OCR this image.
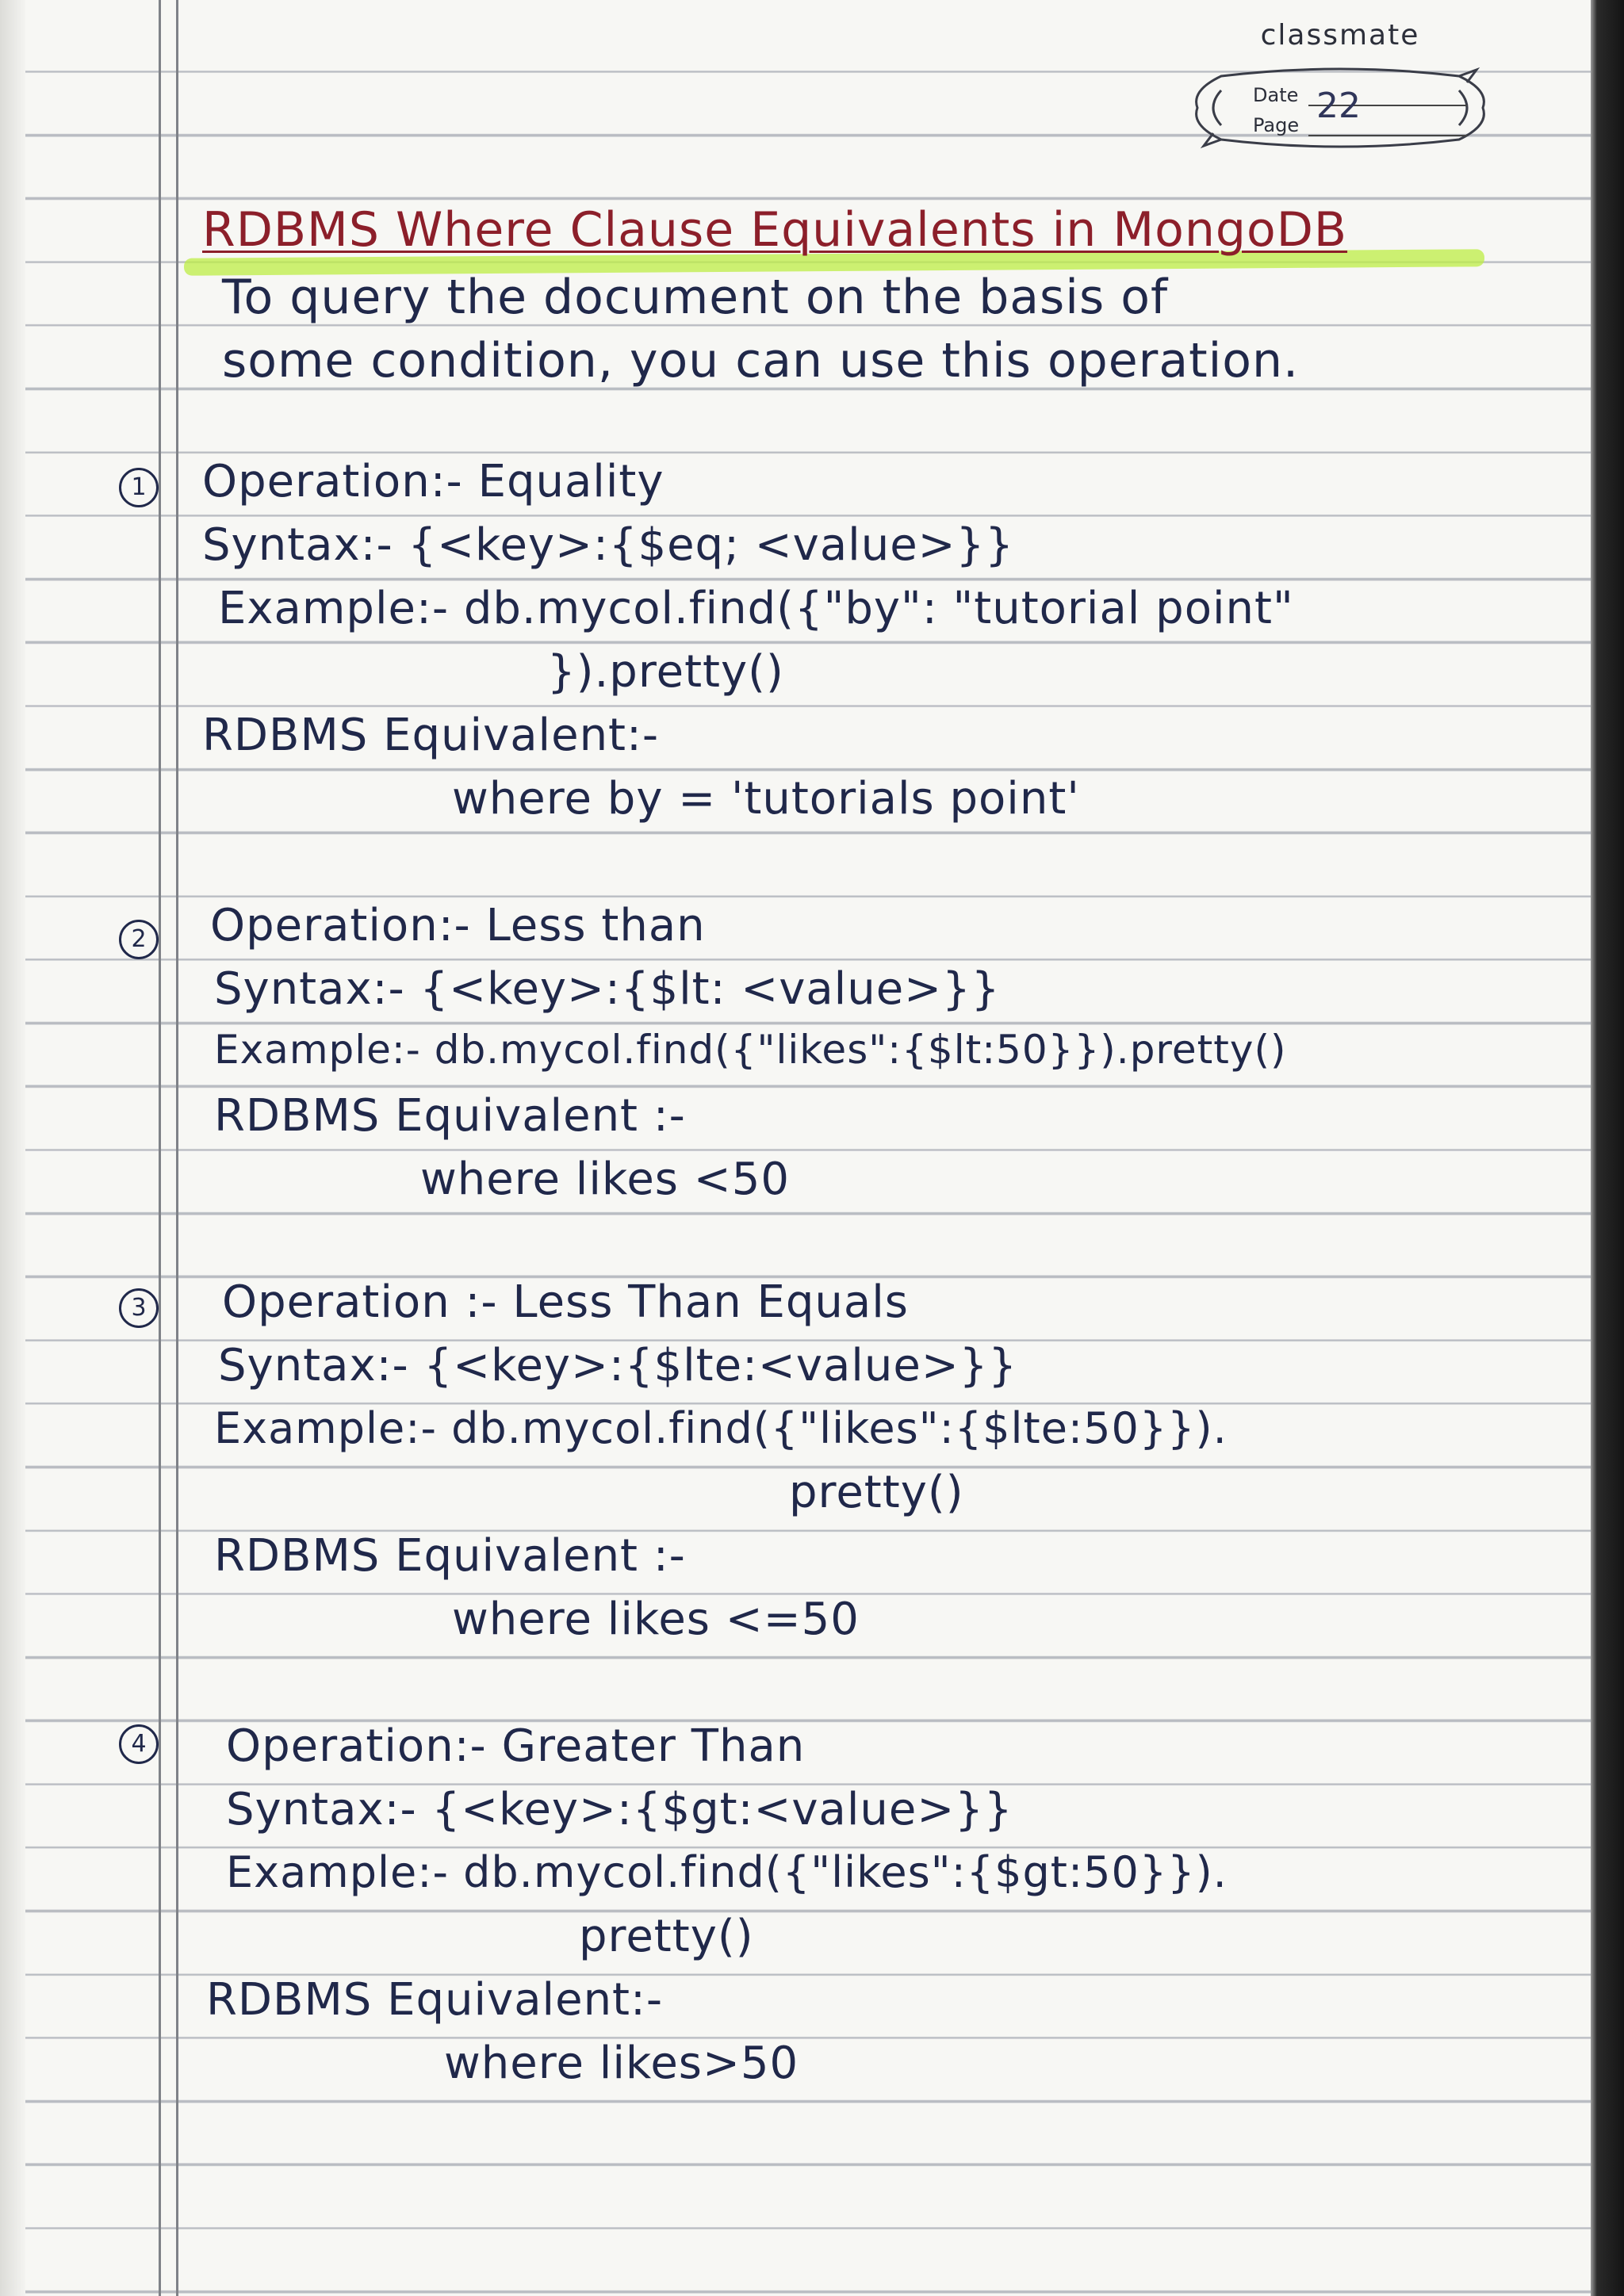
classmate
Date
Page 22
RDBMS Where Clause Equivalents in MongoDB
To query the document on the basis of
some condition, you can use this operation.
1 Operation:- Equality
Syntax:- {<key>:{$eq; <value>}}
Example:- db.mycol.find({"by": "tutorial point"
}).pretty()
RDBMS Equivalent:-
where by = 'tutorials point'
2 Operation:- Less than
Syntax:- {<key>:{$lt: <value>}}
Example:- db.mycol.find({"likes":{$lt:50}}).pretty()
RDBMS Equivalent :-
where likes <50
3 Operation :- Less Than Equals
Syntax:- {<key>:{$lte:<value>}}
Example:- db.mycol.find({"likes":{$lte:50}}).
pretty()
RDBMS Equivalent :-
where likes <=50
4 Operation:- Greater Than
Syntax:- {<key>:{$gt:<value>}}
Example:- db.mycol.find({"likes":{$gt:50}}).
pretty()
RDBMS Equivalent:-
where likes>50
